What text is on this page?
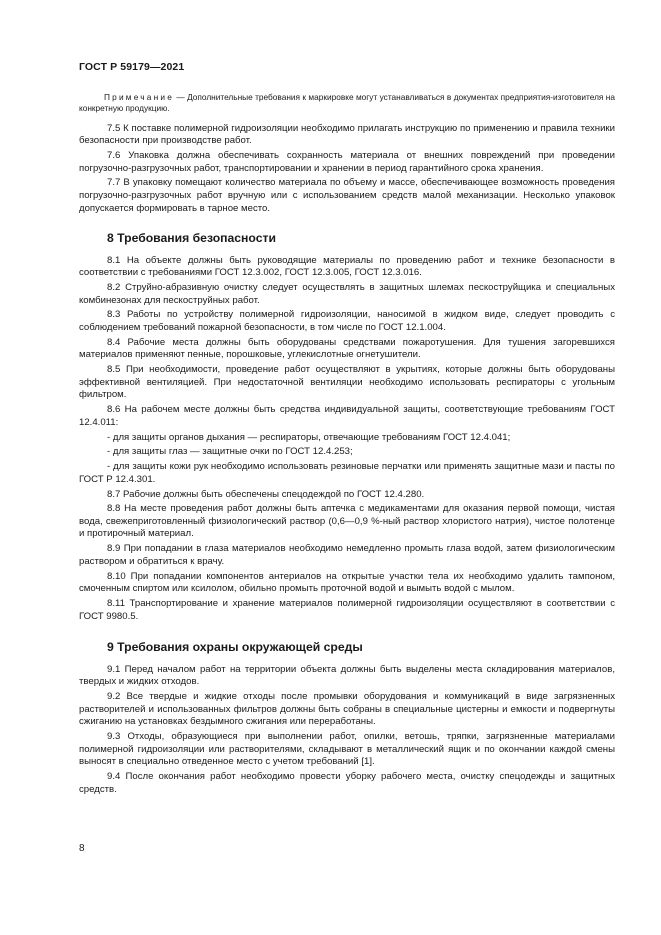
ГОСТ Р 59179—2021
Примечание — Дополнительные требования к маркировке могут устанавливаться в документах предприятия-изготовителя на конкретную продукцию.

7.5 К поставке полимерной гидроизоляции необходимо прилагать инструкцию по применению и правила техники безопасности при производстве работ.

7.6 Упаковка должна обеспечивать сохранность материала от внешних повреждений при проведении погрузочно-разгрузочных работ, транспортировании и хранении в период гарантийного срока хранения.

7.7 В упаковку помещают количество материала по объему и массе, обеспечивающее возможность проведения погрузочно-разгрузочных работ вручную или с использованием средств малой механизации. Несколько упаковок допускается формировать в тарное место.

8 Требования безопасности

8.1 На объекте должны быть руководящие материалы по проведению работ и технике безопасности в соответствии с требованиями ГОСТ 12.3.002, ГОСТ 12.3.005, ГОСТ 12.3.016.

8.2 Струйно-абразивную очистку следует осуществлять в защитных шлемах пескоструйщика и специальных комбинезонах для пескоструйных работ.

8.3 Работы по устройству полимерной гидроизоляции, наносимой в жидком виде, следует проводить с соблюдением требований пожарной безопасности, в том числе по ГОСТ 12.1.004.

8.4 Рабочие места должны быть оборудованы средствами пожаротушения. Для тушения загоревшихся материалов применяют пенные, порошковые, углекислотные огнетушители.

8.5 При необходимости, проведение работ осуществляют в укрытиях, которые должны быть оборудованы эффективной вентиляцией. При недостаточной вентиляции необходимо использовать респираторы с угольным фильтром.

8.6 На рабочем месте должны быть средства индивидуальной защиты, соответствующие требованиям ГОСТ 12.4.011:

- для защиты органов дыхания — респираторы, отвечающие требованиям ГОСТ 12.4.041;

- для защиты глаз — защитные очки по ГОСТ 12.4.253;

- для защиты кожи рук необходимо использовать резиновые перчатки или применять защитные мази и пасты по ГОСТ Р 12.4.301.

8.7 Рабочие должны быть обеспечены спецодеждой по ГОСТ 12.4.280.

8.8 На месте проведения работ должны быть аптечка с медикаментами для оказания первой помощи, чистая вода, свежеприготовленный физиологический раствор (0,6—0,9 %-ный раствор хлористого натрия), чистое полотенце и протирочный материал.

8.9 При попадании в глаза материалов необходимо немедленно промыть глаза водой, затем физиологическим раствором и обратиться к врачу.

8.10 При попадании компонентов антериалов на открытые участки тела их необходимо удалить тампоном, смоченным спиртом или ксилолом, обильно промыть проточной водой и вымыть водой с мылом.

8.11 Транспортирование и хранение материалов полимерной гидроизоляции осуществляют в соответствии с ГОСТ 9980.5.

9 Требования охраны окружающей среды

9.1 Перед началом работ на территории объекта должны быть выделены места складирования материалов, твердых и жидких отходов.

9.2 Все твердые и жидкие отходы после промывки оборудования и коммуникаций в виде загрязненных растворителей и использованных фильтров должны быть собраны в специальные цистерны и емкости и подвергнуты сжиганию на установках бездымного сжигания или переработаны.

9.3 Отходы, образующиеся при выполнении работ, опилки, ветошь, тряпки, загрязненные материалами полимерной гидроизоляции или растворителями, складывают в металлический ящик и по окончании каждой смены выносят в специально отведенное место с учетом требований [1].

9.4 После окончания работ необходимо провести уборку рабочего места, очистку спецодежды и защитных средств.

8
